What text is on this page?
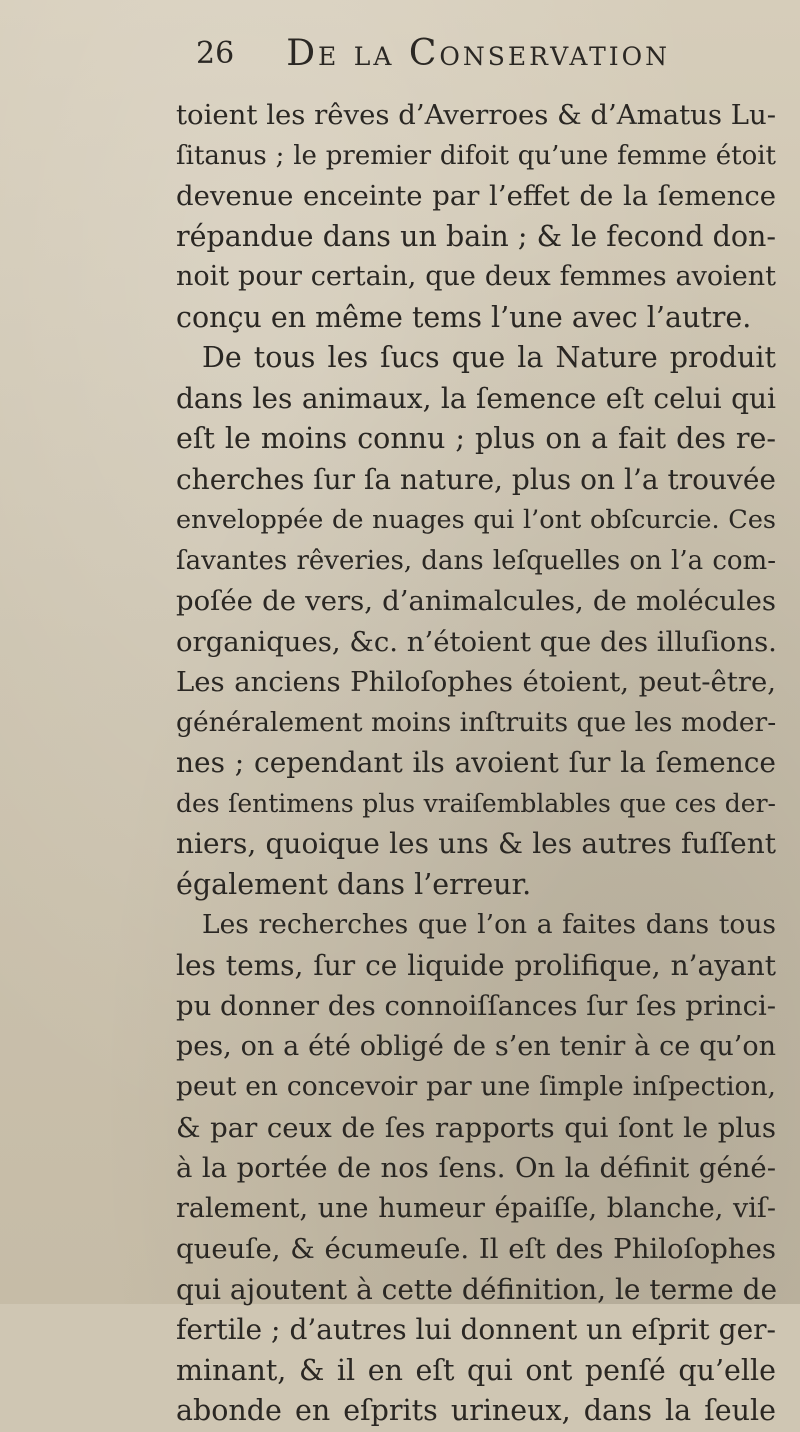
26 De la Conservation
toient les rêves d’Averroes & d’Amatus Lu-
ſitanus ; le premier difoit qu’une femme étoit
devenue enceinte par l’effet de la ſemence
répandue dans un bain ; & le fecond don-
noit pour certain, que deux femmes avoient
conçu en même tems l’une avec l’autre.
De tous les ſucs que la Nature produit
dans les animaux, la ſemence eſt celui qui
eſt le moins connu ; plus on a fait des re-
cherches ſur ſa nature, plus on l’a trouvée
enveloppée de nuages qui l’ont obſcurcie. Ces
ſavantes rêveries, dans leſquelles on l’a com-
poſée de vers, d’animalcules, de molécules
organiques, &c. n’étoient que des illuſions.
Les anciens Philoſophes étoient, peut-être,
généralement moins inſtruits que les moder-
nes ; cependant ils avoient ſur la ſemence
des ſentimens plus vraiſemblables que ces der-
niers, quoique les uns & les autres fuſſent
également dans l’erreur.
Les recherches que l’on a faites dans tous
les tems, ſur ce liquide prolifique, n’ayant
pu donner des connoiſſances ſur ſes princi-
pes, on a été obligé de s’en tenir à ce qu’on
peut en concevoir par une ſimple inſpection,
& par ceux de ſes rapports qui ſont le plus
à la portée de nos ſens. On la définit géné-
ralement, une humeur épaiſſe, blanche, viſ-
queuſe, & écumeuſe. Il eſt des Philoſophes
qui ajoutent à cette définition, le terme de
fertile ; d’autres lui donnent un eſprit ger-
minant, & il en eſt qui ont penſé qu’elle
abonde en eſprits urineux, dans la ſeule
